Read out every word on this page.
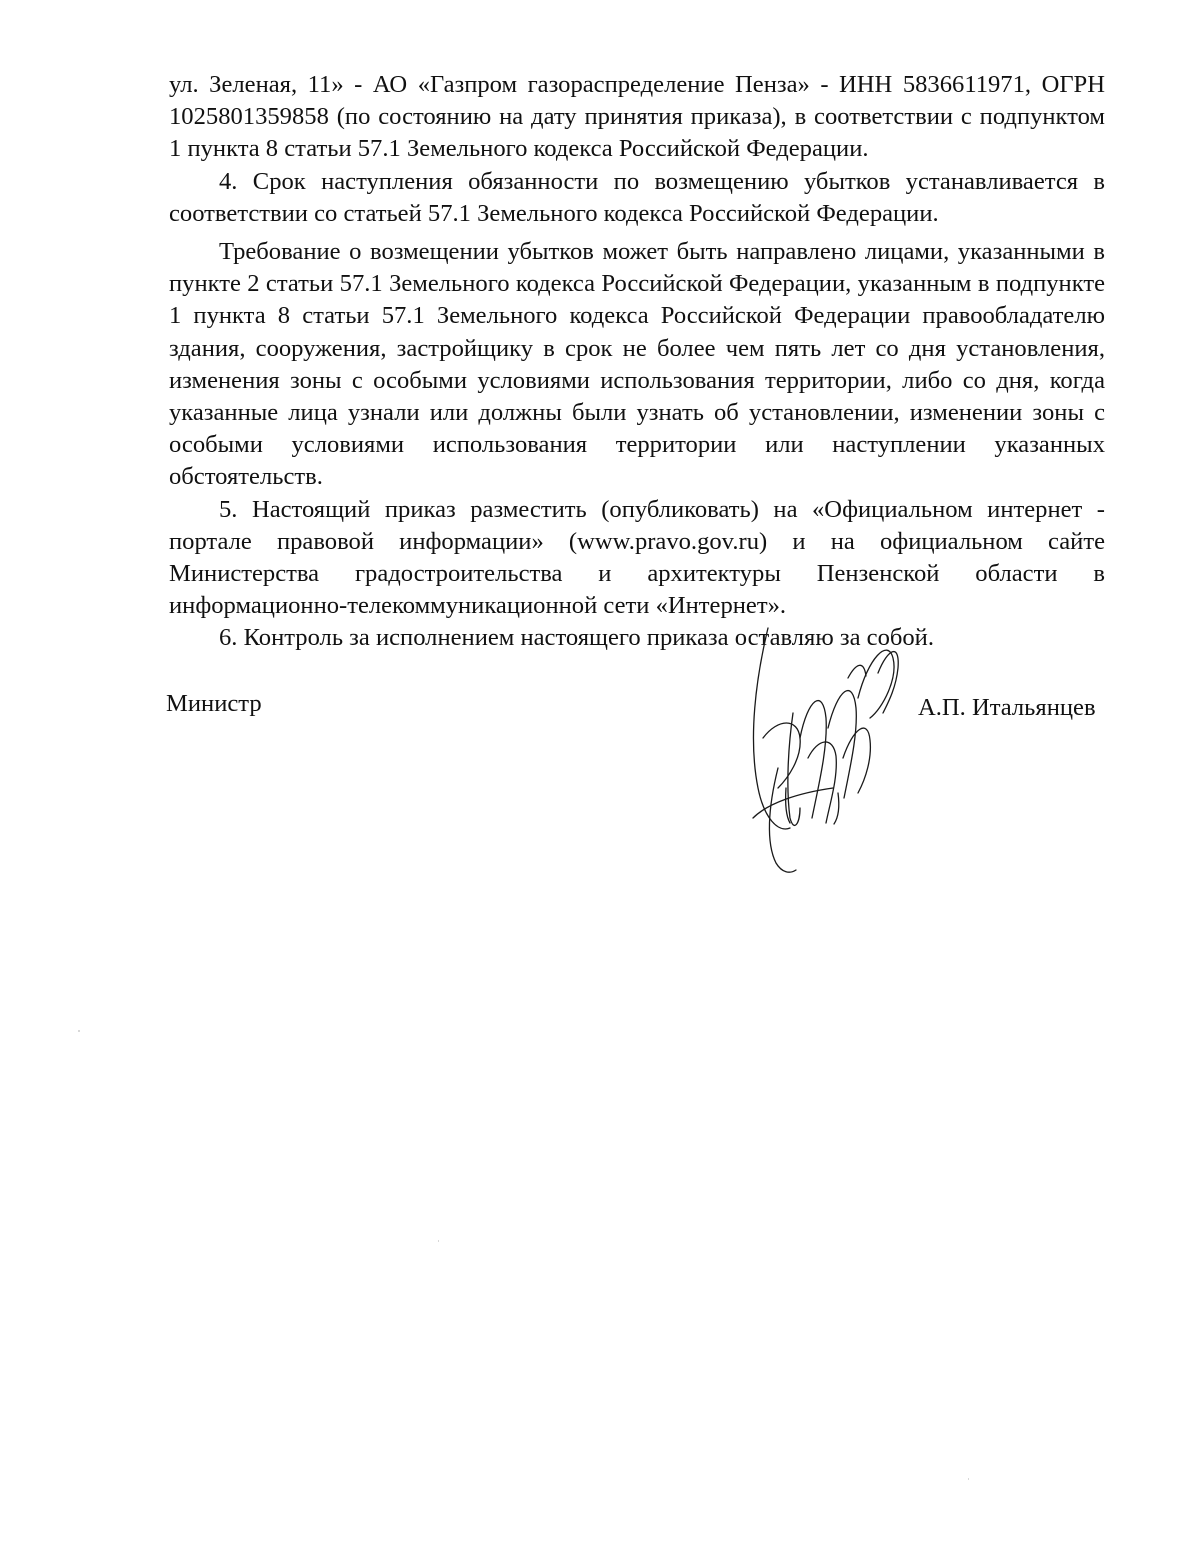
ул. Зеленая, 11» - АО «Газпром газораспределение Пенза» - ИНН 5836611971, ОГРН 1025801359858 (по состоянию на дату принятия приказа), в соответствии с подпунктом 1 пункта 8 статьи 57.1 Земельного кодекса Российской Федерации.

4. Срок наступления обязанности по возмещению убытков устанавливается в соответствии со статьей 57.1 Земельного кодекса Российской Федерации.

Требование о возмещении убытков может быть направлено лицами, указанными в пункте 2 статьи 57.1 Земельного кодекса Российской Федерации, указанным в подпункте 1 пункта 8 статьи 57.1 Земельного кодекса Российской Федерации правообладателю здания, сооружения, застройщику в срок не более чем пять лет со дня установления, изменения зоны с особыми условиями использования территории, либо со дня, когда указанные лица узнали или должны были узнать об установлении, изменении зоны с особыми условиями использования территории или наступлении указанных обстоятельств.

5. Настоящий приказ разместить (опубликовать) на «Официальном интернет - портале правовой информации» (www.pravo.gov.ru) и на официальном сайте Министерства градостроительства и архитектуры Пензенской области в информационно-телекоммуникационной сети «Интернет».

6. Контроль за исполнением настоящего приказа оставляю за собой.

Министр	А.П. Итальянцев
